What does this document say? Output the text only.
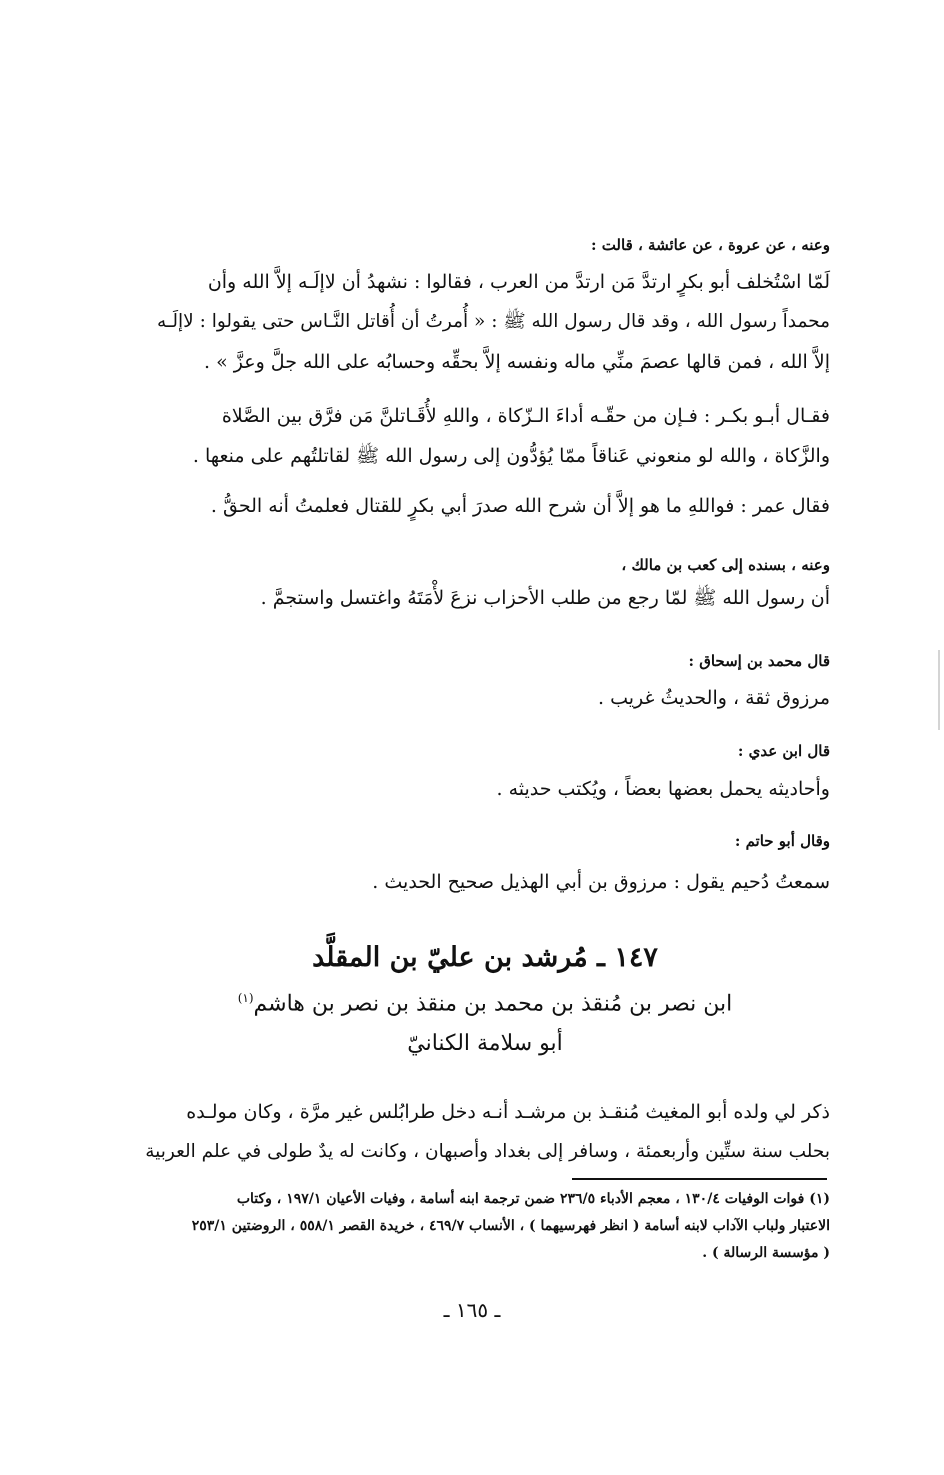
وعنه ، عن عروة ، عن عائشة ، قالت :
لَمّا اسْتُخلف أبو بكرٍ ارتدَّ مَن ارتدَّ من العرب ، فقالوا : نشهدُ أن لاإلَـه إلاَّ الله وأن
محمداً رسول الله ، وقد قال رسول الله ﷺ : « أُمرتُ أن أُقاتل النَّـاس حتى يقولوا : لاإلَـه
إلاَّ الله ، فمن قالها عصمَ منِّي ماله ونفسه إلاَّ بحقِّه وحسابُه على الله جلَّ وعزَّ » .
فقـال أبـو بكـر : فـإن من حقّـه أداءَ الـزّكاة ، واللهِ لأُقَـاتلنَّ مَن فرَّق بين الصَّلاة
والزَّكاة ، والله لو منعوني عَناقاً ممّا يُؤدُّون إلى رسول الله ﷺ لقاتلتُهم على منعها .
فقال عمر : فواللهِ ما هو إلاَّ أن شرح الله صدرَ أبي بكرٍ للقتال فعلمتُ أنه الحقُّ .
وعنه ، بسنده إلى كعب بن مالك ،
أن رسول الله ﷺ لمّا رجع من طلب الأحزاب نزعَ لأْمَتَهُ واغتسل واستجمَّ .
قال محمد بن إسحاق :
مرزوق ثقة ، والحديثُ غريب .
قال ابن عدي :
وأحاديثه يحمل بعضها بعضاً ، ويُكتب حديثه .
وقال أبو حاتم :
سمعتُ دُحيم يقول : مرزوق بن أبي الهذيل صحيح الحديث .
١٤٧ ـ مُرشد بن عليّ بن المقلَّد
ابن نصر بن مُنقذ بن محمد بن منقذ بن نصر بن هاشم$^{(١)}$
أبو سلامة الكنانيّ
ذكر لي ولده أبو المغيث مُنقـذ بن مرشـد أنـه دخل طرابُلس غير مرَّة ، وكان مولـده
بحلب سنة ستِّين وأربعمئة ، وسافر إلى بغداد وأصبهان ، وكانت له يدٌ طولى في علم العربية
(١) فوات الوفيات ١٣٠/٤ ، معجم الأدباء ٢٣٦/٥ ضمن ترجمة ابنه أسامة ، وفيات الأعيان ١٩٧/١ ، وكتاب
الاعتبار ولباب الآداب لابنه أسامة ( انظر فهرسيهما ) ، الأنساب ٤٦٩/٧ ، خريدة القصر ٥٥٨/١ ، الروضتين ٢٥٣/١
( مؤسسة الرسالة ) .
ـ ١٦٥ ـ
